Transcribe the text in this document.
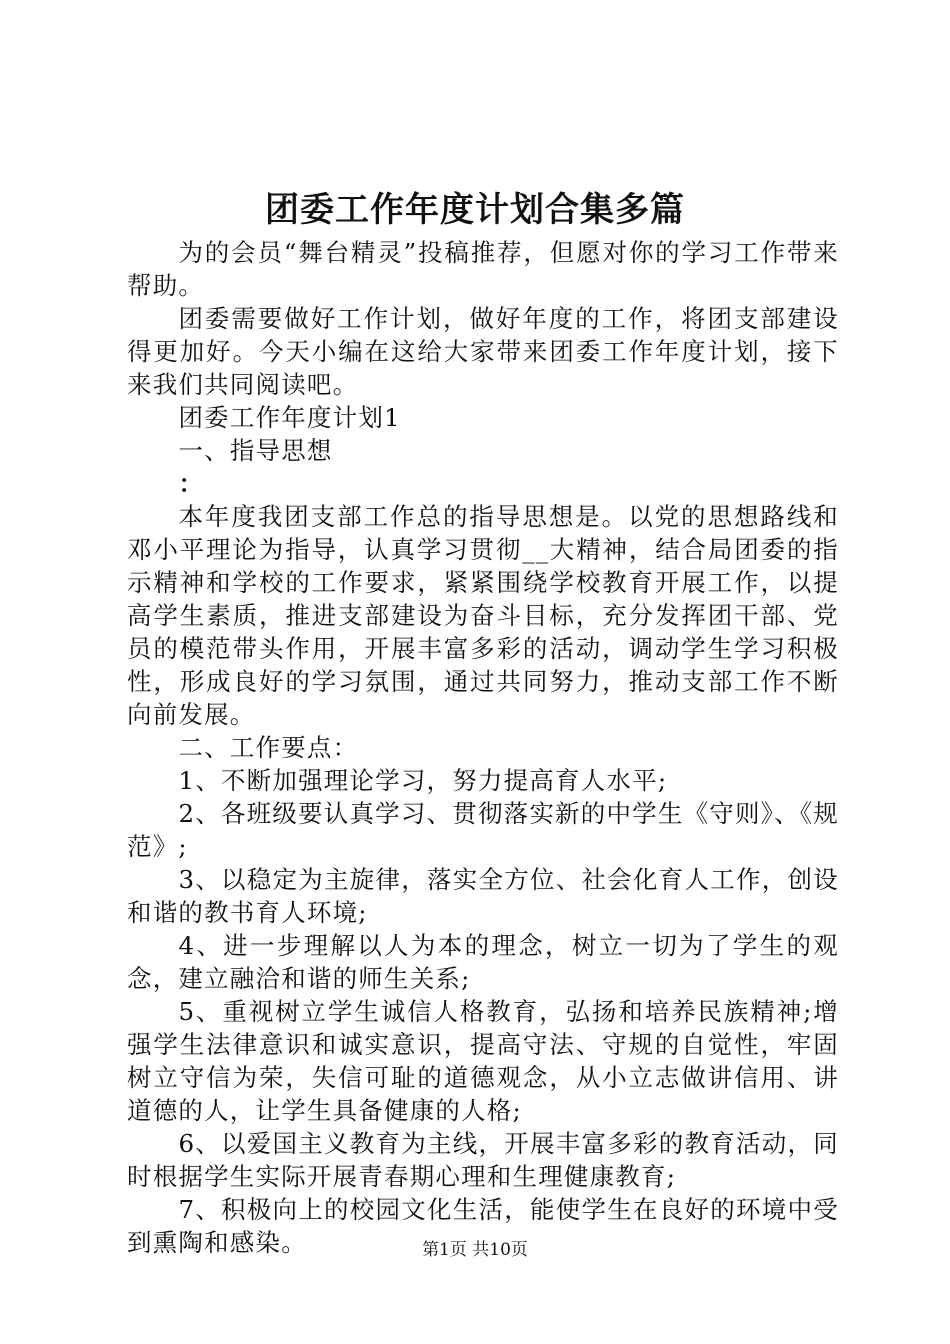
团委工作年度计划合集多篇

为的会员“舞台精灵”投稿推荐，但愿对你的学习工作带来帮助。

团委需要做好工作计划，做好年度的工作，将团支部建设得更加好。今天小编在这给大家带来团委工作年度计划，接下来我们共同阅读吧。

团委工作年度计划1

一、指导思想

：

本年度我团支部工作总的指导思想是。以党的思想路线和邓小平理论为指导，认真学习贯彻__大精神，结合局团委的指示精神和学校的工作要求，紧紧围绕学校教育开展工作，以提高学生素质，推进支部建设为奋斗目标，充分发挥团干部、党员的模范带头作用，开展丰富多彩的活动，调动学生学习积极性，形成良好的学习氛围，通过共同努力，推动支部工作不断向前发展。

二、工作要点：

1、不断加强理论学习，努力提高育人水平;

2、各班级要认真学习、贯彻落实新的中学生《守则》、《规范》;

3、以稳定为主旋律，落实全方位、社会化育人工作，创设和谐的教书育人环境;

4、进一步理解以人为本的理念，树立一切为了学生的观念，建立融洽和谐的师生关系;

5、重视树立学生诚信人格教育，弘扬和培养民族精神;增强学生法律意识和诚实意识，提高守法、守规的自觉性，牢固树立守信为荣，失信可耻的道德观念，从小立志做讲信用、讲道德的人，让学生具备健康的人格;

6、以爱国主义教育为主线，开展丰富多彩的教育活动，同时根据学生实际开展青春期心理和生理健康教育;

7、积极向上的校园文化生活，能使学生在良好的环境中受到熏陶和感染。	第1页 共10页
